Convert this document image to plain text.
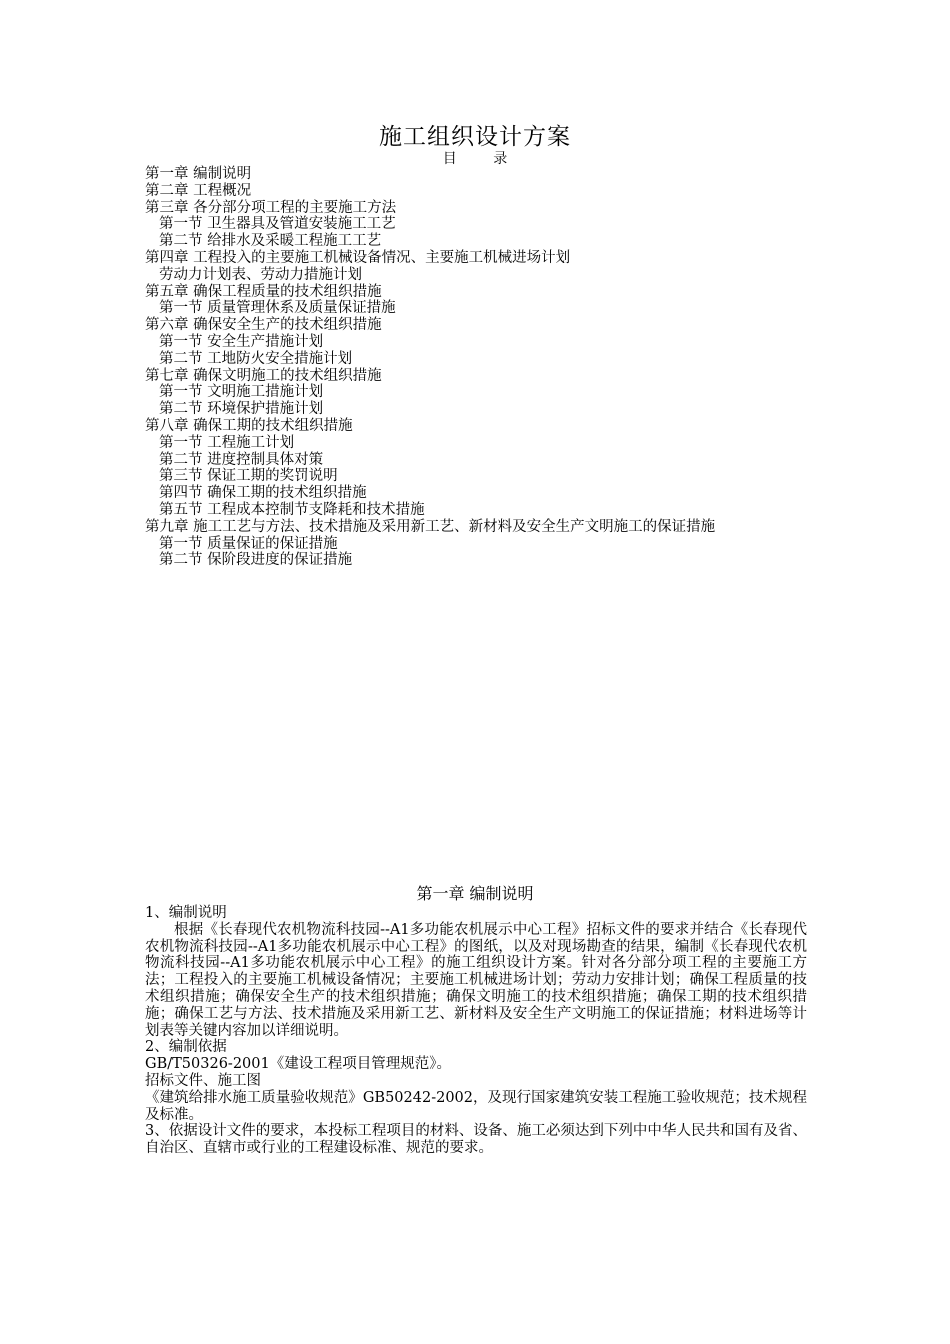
施工组织设计方案
目 录
第一章 编制说明
第二章 工程概况
第三章 各分部分项工程的主要施工方法
第一节 卫生器具及管道安装施工工艺
第二节 给排水及采暖工程施工工艺
第四章 工程投入的主要施工机械设备情况、主要施工机械进场计划
劳动力计划表、劳动力措施计划
第五章 确保工程质量的技术组织措施
第一节 质量管理休系及质量保证措施
第六章 确保安全生产的技术组织措施
第一节 安全生产措施计划
第二节 工地防火安全措施计划
第七章 确保文明施工的技术组织措施
第一节 文明施工措施计划
第二节 环境保护措施计划
第八章 确保工期的技术组织措施
第一节 工程施工计划
第二节 进度控制具体对策
第三节 保证工期的奖罚说明
第四节 确保工期的技术组织措施
第五节 工程成本控制节支降耗和技术措施
第九章 施工工艺与方法、技术措施及采用新工艺、新材料及安全生产文明施工的保证措施
第一节 质量保证的保证措施
第二节 保阶段进度的保证措施
第一章 编制说明

1、编制说明

根据《长春现代农机物流科技园--A1多功能农机展示中心工程》招标文件的要求并结合《长春现代农机物流科技园--A1多功能农机展示中心工程》的图纸，以及对现场勘查的结果，编制《长春现代农机物流科技园--A1多功能农机展示中心工程》的施工组织设计方案。针对各分部分项工程的主要施工方法；工程投入的主要施工机械设备情况；主要施工机械进场计划；劳动力安排计划；确保工程质量的技术组织措施；确保安全生产的技术组织措施；确保文明施工的技术组织措施；确保工期的技术组织措施；确保工艺与方法、技术措施及采用新工艺、新材料及安全生产文明施工的保证措施；材料进场等计划表等关键内容加以详细说明。

2、编制依据

GB/T50326-2001《建设工程项目管理规范》。

招标文件、施工图

《建筑给排水施工质量验收规范》GB50242-2002，及现行国家建筑安装工程施工验收规范；技术规程及标准。

3、依据设计文件的要求，本投标工程项目的材料、设备、施工必须达到下列中中华人民共和国有及省、自治区、直辖市或行业的工程建设标准、规范的要求。
